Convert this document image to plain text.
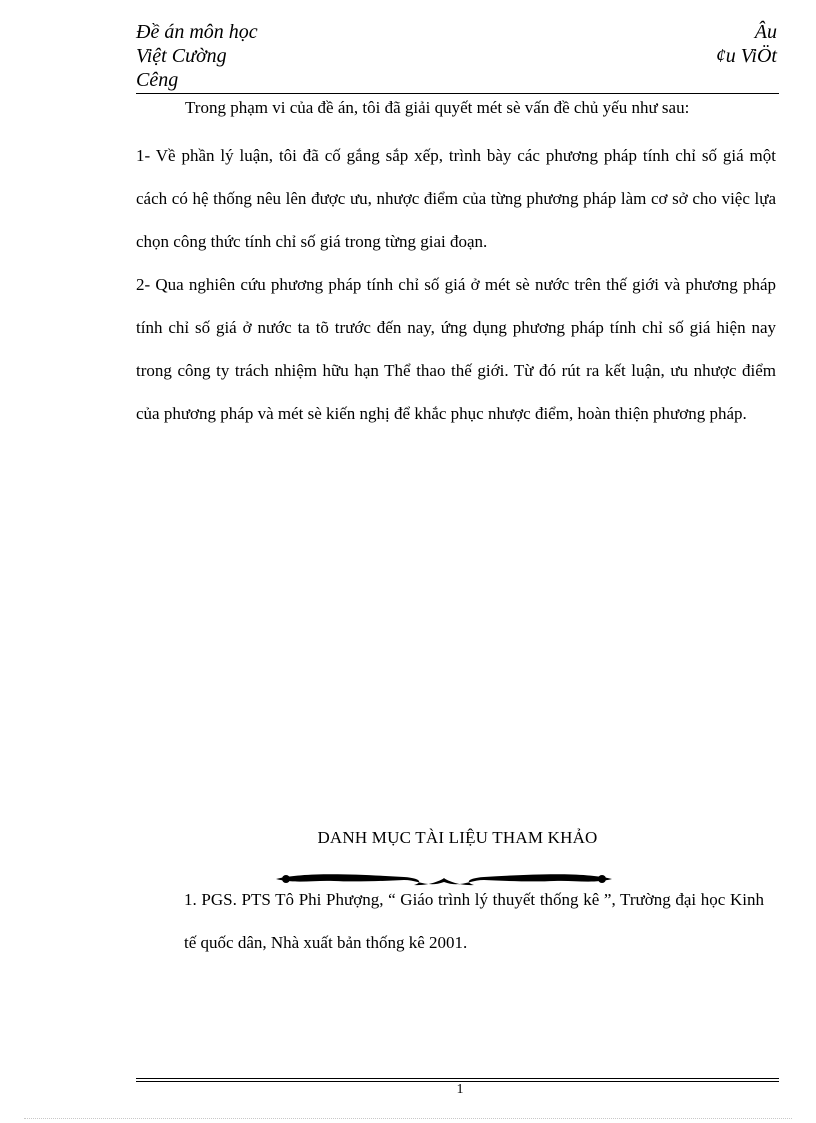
Đề án môn học
Việt Cường
Cêng
Âu
¢u ViÖt

Trong phạm vi của đề án, tôi đã giải quyết mét sè vấn đề chủ yếu như sau:

1- Về phần lý luận, tôi đã cố gắng sắp xếp, trình bày các phương pháp tính chỉ số giá một cách có hệ thống nêu lên được ưu, nhược điểm của từng phương pháp làm cơ sở cho việc lựa chọn công thức tính chỉ số giá trong từng giai đoạn.

2- Qua nghiên cứu phương pháp tính chỉ số giá ở mét sè nước trên thế giới và phương pháp tính chỉ số giá ở nước ta tõ trước đến nay, ứng dụng phương pháp tính chỉ số giá hiện nay trong công ty trách nhiệm hữu hạn Thể thao thế giới. Từ đó rút ra kết luận, ưu nhược điểm của phương pháp và mét sè kiến nghị để khắc phục nhược điểm, hoàn thiện phương pháp.

DANH MỤC TÀI LIỆU THAM KHẢO

1. PGS. PTS Tô Phi Phượng, “ Giáo trình lý thuyết thống kê ”, Trường đại học Kinh tế quốc dân, Nhà xuất bản thống kê 2001.

1
